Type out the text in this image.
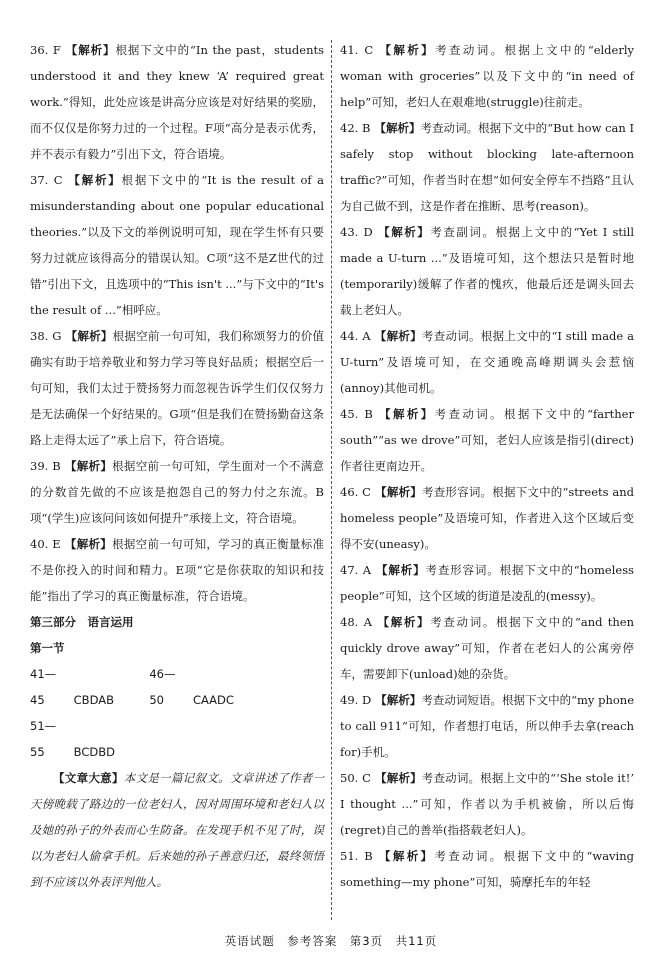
36. F 【解析】根据下文中的“In the past，students understood it and they knew ‘A’ required great work.”得知，此处应该是讲高分应该是对好结果的奖励，而不仅仅是你努力过的一个过程。F项“高分是表示优秀，并不表示有毅力”引出下文，符合语境。

37. C 【解析】根据下文中的“It is the result of a misunderstanding about one popular educational theories.”以及下文的举例说明可知，现在学生怀有只要努力过就应该得高分的错误认知。C项“这不是Z世代的过错”引出下文，且选项中的“This isn't ...”与下文中的“It's the result of ...”相呼应。

38. G 【解析】根据空前一句可知，我们称颂努力的价值确实有助于培养敬业和努力学习等良好品质；根据空后一句可知，我们太过于赞扬努力而忽视告诉学生们仅仅努力是无法确保一个好结果的。G项“但是我们在赞扬勤奋这条路上走得太远了”承上启下，符合语境。

39. B 【解析】根据空前一句可知，学生面对一个不满意的分数首先做的不应该是抱怨自己的努力付之东流。B项“(学生)应该问问该如何提升”承接上文，符合语境。

40. E 【解析】根据空前一句可知，学习的真正衡量标准不是你投入的时间和精力。E项“它是你获取的知识和技能”指出了学习的真正衡量标准，符合语境。

第三部分　语言运用

第一节

41—45	CBDAB 46—50	CAADC

51—55	BCDBD

【文章大意】本文是一篇记叙文。文章讲述了作者一天傍晚载了路边的一位老妇人，因对周围环境和老妇人以及她的孙子的外表而心生防备。在发现手机不见了时，误以为老妇人偷拿手机。后来她的孙子善意归还，最终领悟到不应该以外表评判他人。

41. C 【解析】考查动词。根据上文中的“elderly woman with groceries”以及下文中的“in need of help”可知，老妇人在艰难地(struggle)往前走。

42. B 【解析】考查动词。根据下文中的“But how can I safely stop without blocking late-afternoon traffic?”可知，作者当时在想“如何安全停车不挡路”且认为自己做不到，这是作者在推断、思考(reason)。

43. D 【解析】考查副词。根据上文中的“Yet I still made a U-turn ...”及语境可知，这个想法只是暂时地(temporarily)缓解了作者的愧疚，他最后还是调头回去载上老妇人。

44. A 【解析】考查动词。根据上文中的“I still made a U-turn”及语境可知，在交通晚高峰期调头会惹恼(annoy)其他司机。

45. B 【解析】考查动词。根据下文中的“farther south”“as we drove”可知，老妇人应该是指引(direct)作者往更南边开。

46. C 【解析】考查形容词。根据下文中的“streets and homeless people”及语境可知，作者进入这个区域后变得不安(uneasy)。

47. A 【解析】考查形容词。根据下文中的“homeless people”可知，这个区域的街道是凌乱的(messy)。

48. A 【解析】考查动词。根据下文中的“and then quickly drove away”可知，作者在老妇人的公寓旁停车，需要卸下(unload)她的杂货。

49. D 【解析】考查动词短语。根据下文中的“my phone to call 911”可知，作者想打电话，所以伸手去拿(reach for)手机。

50. C 【解析】考查动词。根据上文中的“‘She stole it!’ I thought ...”可知，作者以为手机被偷，所以后悔(regret)自己的善举(指搭载老妇人)。

51. B 【解析】考查动词。根据下文中的“waving something—my phone”可知，骑摩托车的年轻

英语试题　参考答案　第3页　共11页
